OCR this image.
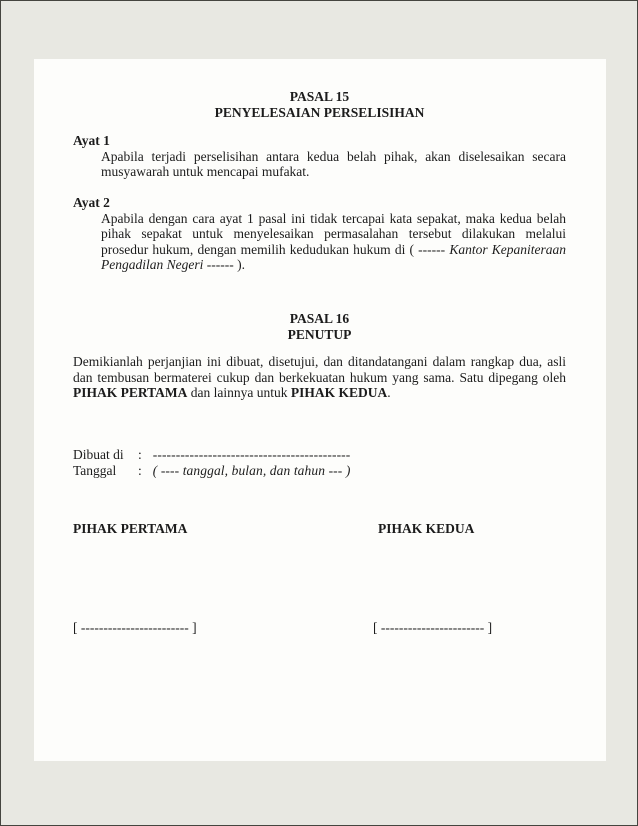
PASAL 15
PENYELESAIAN PERSELISIHAN
Ayat 1

Apabila terjadi perselisihan antara kedua belah pihak, akan diselesaikan secara musyawarah untuk mencapai mufakat.

Ayat 2

Apabila dengan cara ayat 1 pasal ini tidak tercapai kata sepakat, maka kedua belah pihak sepakat untuk menyelesaikan permasalahan tersebut dilakukan melalui prosedur hukum, dengan memilih kedudukan hukum di ( ------ Kantor Kepaniteraan Pengadilan Negeri ------ ).

PASAL 16
PENUTUP

Demikianlah perjanjian ini dibuat, disetujui, dan ditandatangani dalam rangkap dua, asli dan tembusan bermaterei cukup dan berkekuatan hukum yang sama. Satu dipegang oleh PIHAK PERTAMA dan lainnya untuk PIHAK KEDUA.

Dibuat di	: -------------------------------------------
Tanggal	: ( ---- tanggal, bulan, dan tahun --- )
PIHAK PERTAMA	PIHAK KEDUA
[ ------------------------ ]	[ ----------------------- ]
